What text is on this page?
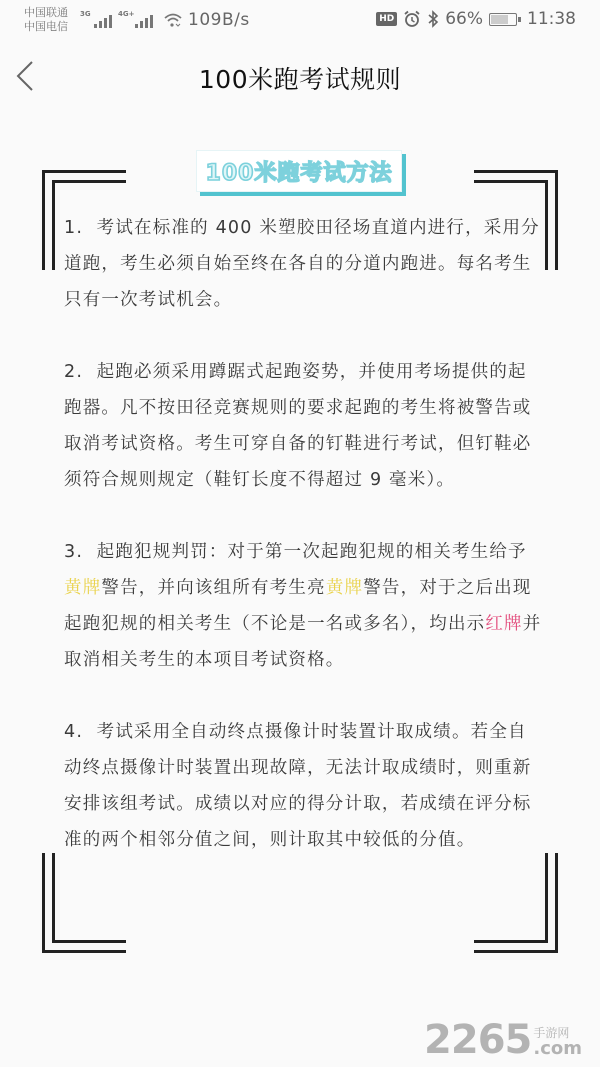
中国联通
中国电信
3G	4G+	109B/s	HD	66%	11:38
100米跑考试规则
100米跑考试方法

1. 考试在标准的 400 米塑胶田径场直道内进行，采用分道跑，考生必须自始至终在各自的分道内跑进。每名考生只有一次考试机会。

2. 起跑必须采用蹲踞式起跑姿势，并使用考场提供的起跑器。凡不按田径竞赛规则的要求起跑的考生将被警告或取消考试资格。考生可穿自备的钉鞋进行考试，但钉鞋必须符合规则规定（鞋钉长度不得超过 9 毫米）。

3. 起跑犯规判罚：对于第一次起跑犯规的相关考生给予黄牌警告，并向该组所有考生亮黄牌警告，对于之后出现起跑犯规的相关考生（不论是一名或多名），均出示红牌并取消相关考生的本项目考试资格。

4. 考试采用全自动终点摄像计时装置计取成绩。若全自动终点摄像计时装置出现故障，无法计取成绩时，则重新安排该组考试。成绩以对应的得分计取，若成绩在评分标准的两个相邻分值之间，则计取其中较低的分值。

2265 手游网
.com
